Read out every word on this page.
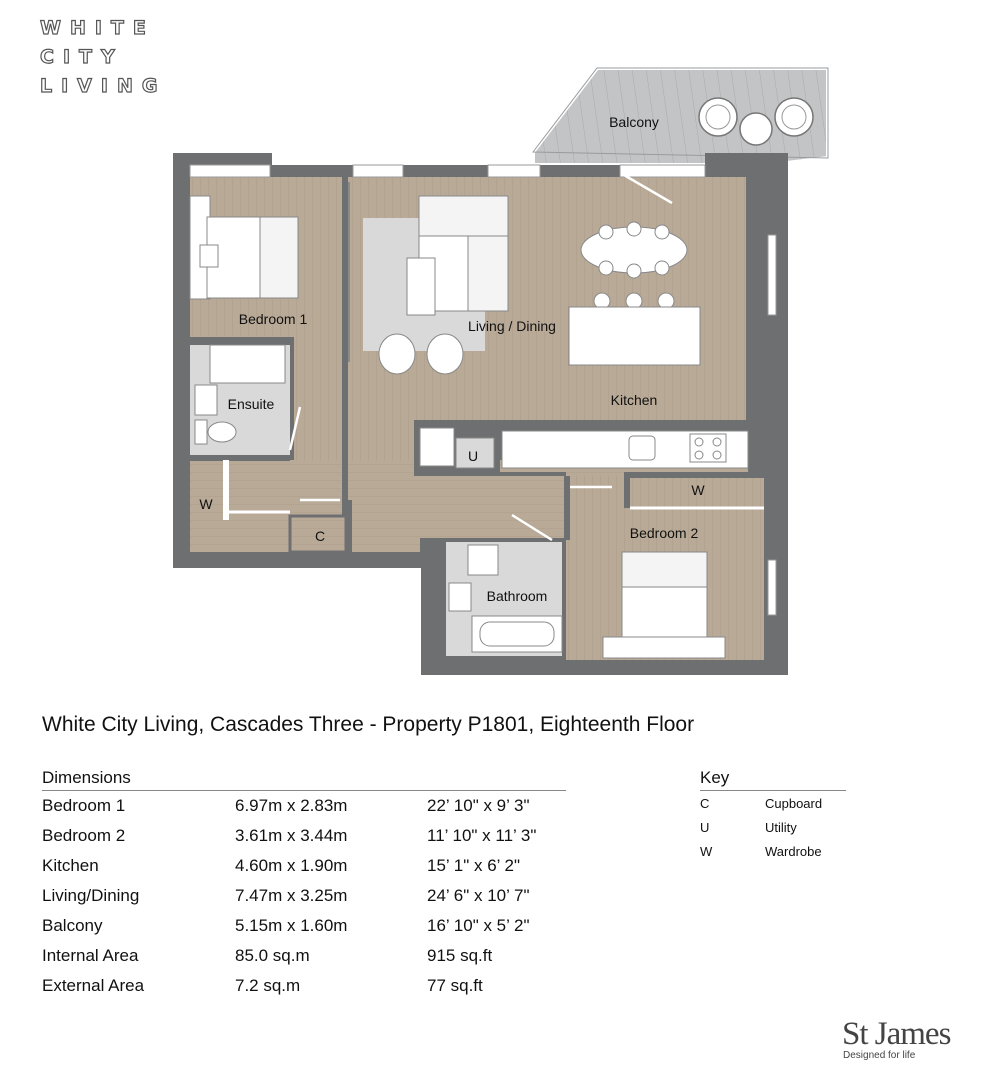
WHITE
CITY
LIVING
Balcony
Bedroom 1	Living / Dining
Kitchen
Ensuite
U
W
W
C	Bedroom 2
Bathroom
White City Living, Cascades Three - Property P1801, Eighteenth Floor
Dimensions
Bedroom 1	6.97m x 2.83m	22’ 10" x 9’ 3"
Bedroom 2	3.61m x 3.44m	11’ 10" x 11’ 3"
Kitchen	4.60m x 1.90m	15’ 1" x 6’ 2"
Living/Dining	7.47m x 3.25m	24’ 6" x 10’ 7"
Balcony	5.15m x 1.60m	16’ 10" x 5’ 2"
Internal Area	85.0 sq.m	915 sq.ft
External Area	7.2 sq.m	77 sq.ft
Key
C	Cupboard
U	Utility
W	Wardrobe
St James
Designed for life
